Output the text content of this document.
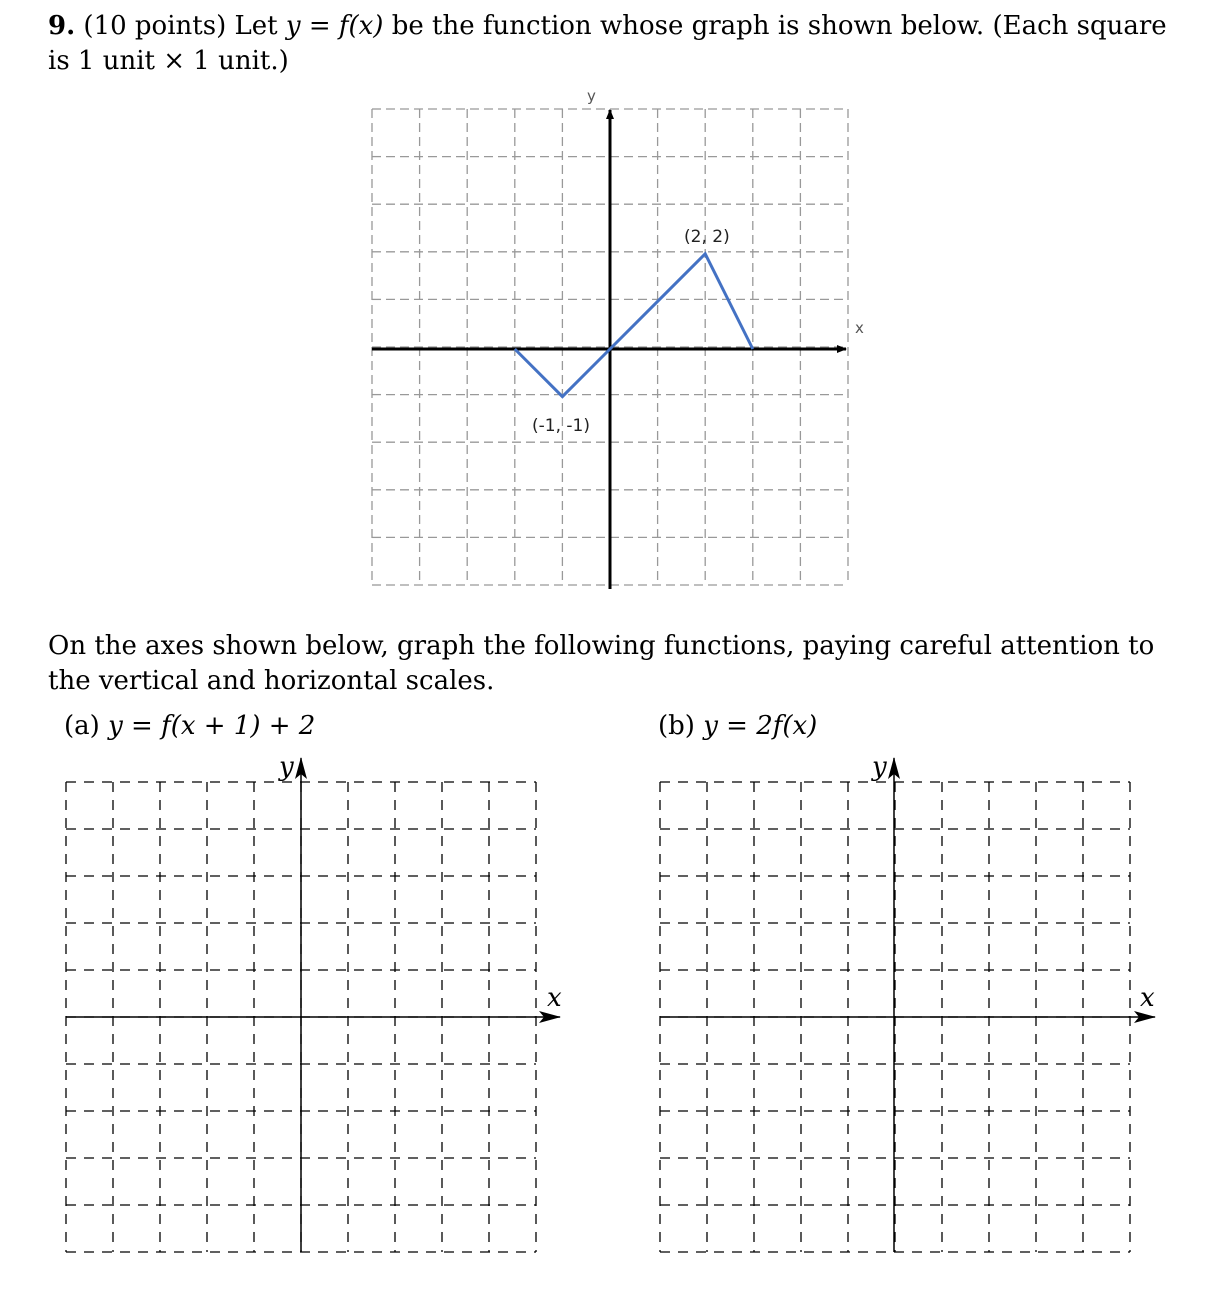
9. (10 points) Let y = f(x) be the function whose graph is shown below. (Each square is 1 unit × 1 unit.)

On the axes shown below, graph the following functions, paying careful attention to the vertical and horizontal scales.

(a) y = f(x + 1) + 2	(b) y = 2f(x)

x
y
(2, 2)
(-1, -1)
x
y
x
y
